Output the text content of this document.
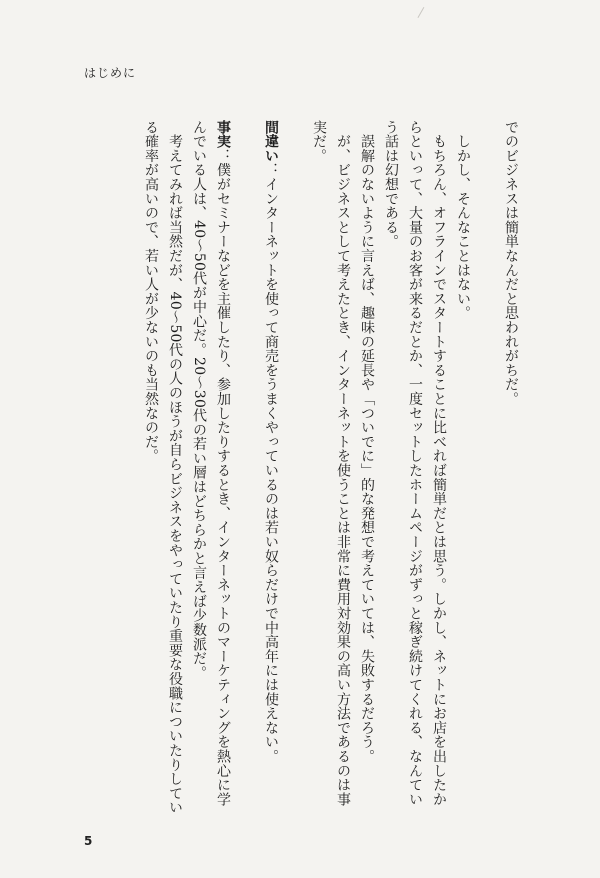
はじめに

でのビジネスは簡単なんだと思われがちだ。

　しかし、そんなことはない。

　もちろん、オフラインでスタートすることに比べれば簡単だとは思う。しかし、ネットにお店を出したからといって、大量のお客が来るだとか、一度セットしたホームページがずっと稼ぎ続けてくれる、なんていう話は幻想である。

　誤解のないように言えば、趣味の延長や「ついでに」的な発想で考えていては、失敗するだろう。

　が、ビジネスとして考えたとき、インターネットを使うことは非常に費用対効果の高い方法であるのは事実だ。

間違い：インターネットを使って商売をうまくやっているのは若い奴らだけで中高年には使えない。

事実：僕がセミナーなどを主催したり、参加したりするとき、インターネットのマーケティングを熱心に学んでいる人は、40～50代が中心だ。20～30代の若い層はどちらかと言えば少数派だ。

　考えてみれば当然だが、40～50代の人のほうが自らビジネスをやっていたり重要な役職についたりしている確率が高いので、若い人が少ないのも当然なのだ。

5
